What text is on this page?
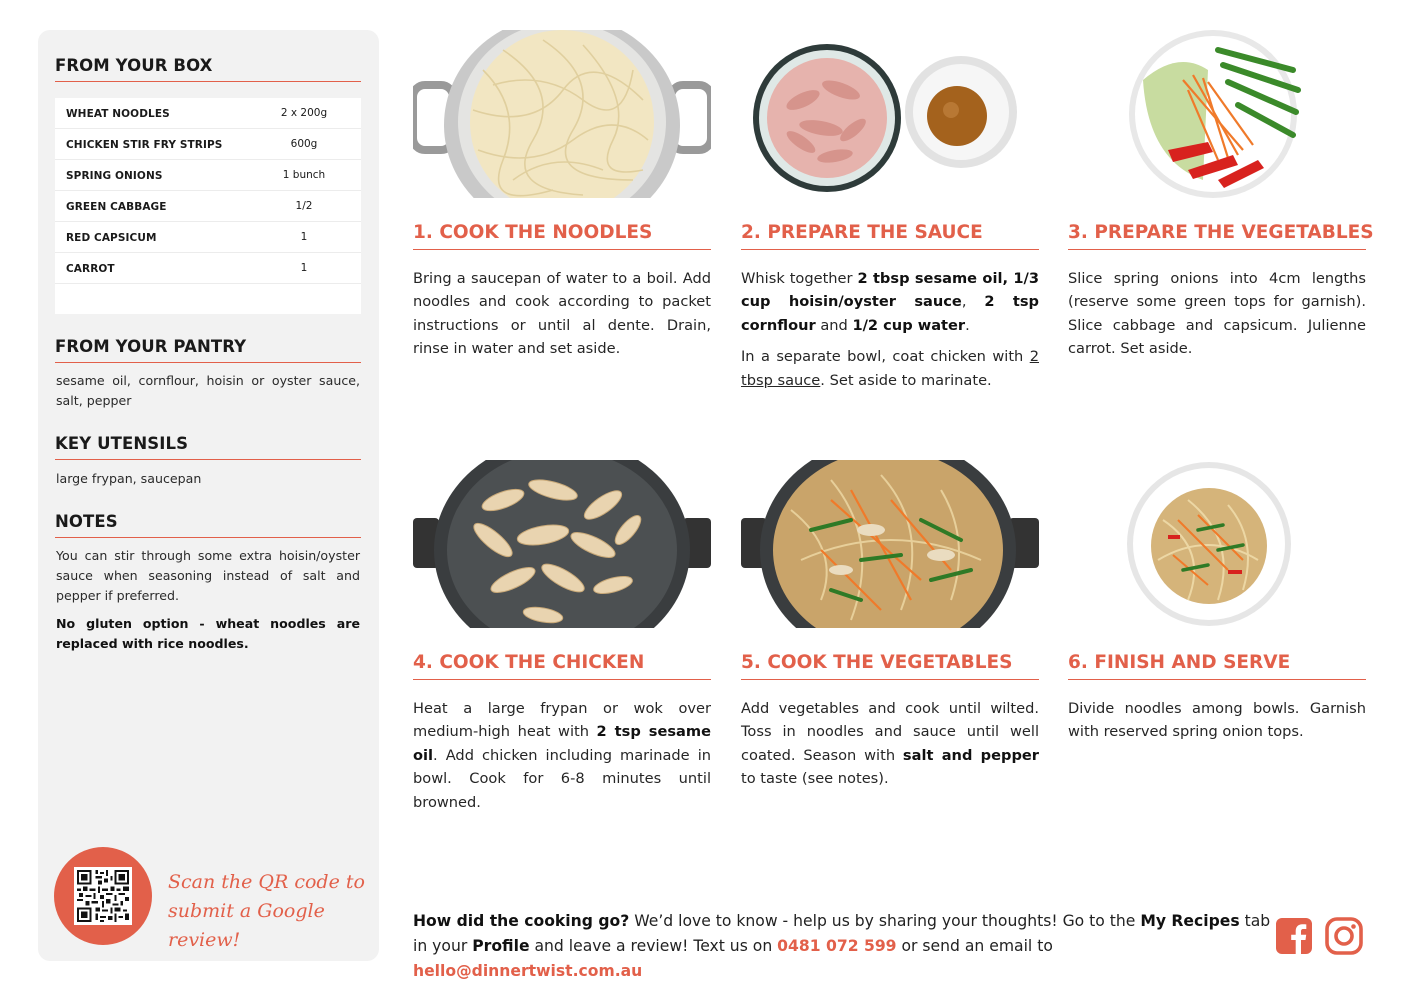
FROM YOUR BOX
WHEAT NOODLES	2 x 200g
CHICKEN STIR FRY STRIPS	600g
SPRING ONIONS	1 bunch
GREEN CABBAGE	1/2
RED CAPSICUM	1
CARROT	1
FROM YOUR PANTRY
sesame oil, cornflour, hoisin or oyster sauce, salt, pepper
KEY UTENSILS
large frypan, saucepan
NOTES
You can stir through some extra hoisin/oyster sauce when seasoning instead of salt and pepper if preferred.
No gluten option - wheat noodles are replaced with rice noodles.
Scan the QR code to
submit a Google review!
1. COOK THE NOODLES

Bring a saucepan of water to a boil. Add noodles and cook according to packet instructions or until al dente. Drain, rinse in water and set aside.

2. PREPARE THE SAUCE

Whisk together 2 tbsp sesame oil, 1/3 cup hoisin/oyster sauce, 2 tsp cornflour and 1/2 cup water.

In a separate bowl, coat chicken with 2 tbsp sauce. Set aside to marinate.

3. PREPARE THE VEGETABLES

Slice spring onions into 4cm lengths (reserve some green tops for garnish). Slice cabbage and capsicum. Julienne carrot. Set aside.

4. COOK THE CHICKEN

Heat a large frypan or wok over medium-high heat with 2 tsp sesame oil. Add chicken including marinade in bowl. Cook for 6-8 minutes until browned.

5. COOK THE VEGETABLES

Add vegetables and cook until wilted. Toss in noodles and sauce until well coated. Season with salt and pepper to taste (see notes).

6. FINISH AND SERVE

Divide noodles among bowls. Garnish with reserved spring onion tops.

How did the cooking go? We’d love to know - help us by sharing your thoughts! Go to the My Recipes tab in your Profile and leave a review! Text us on 0481 072 599 or send an email to hello@dinnertwist.com.au
